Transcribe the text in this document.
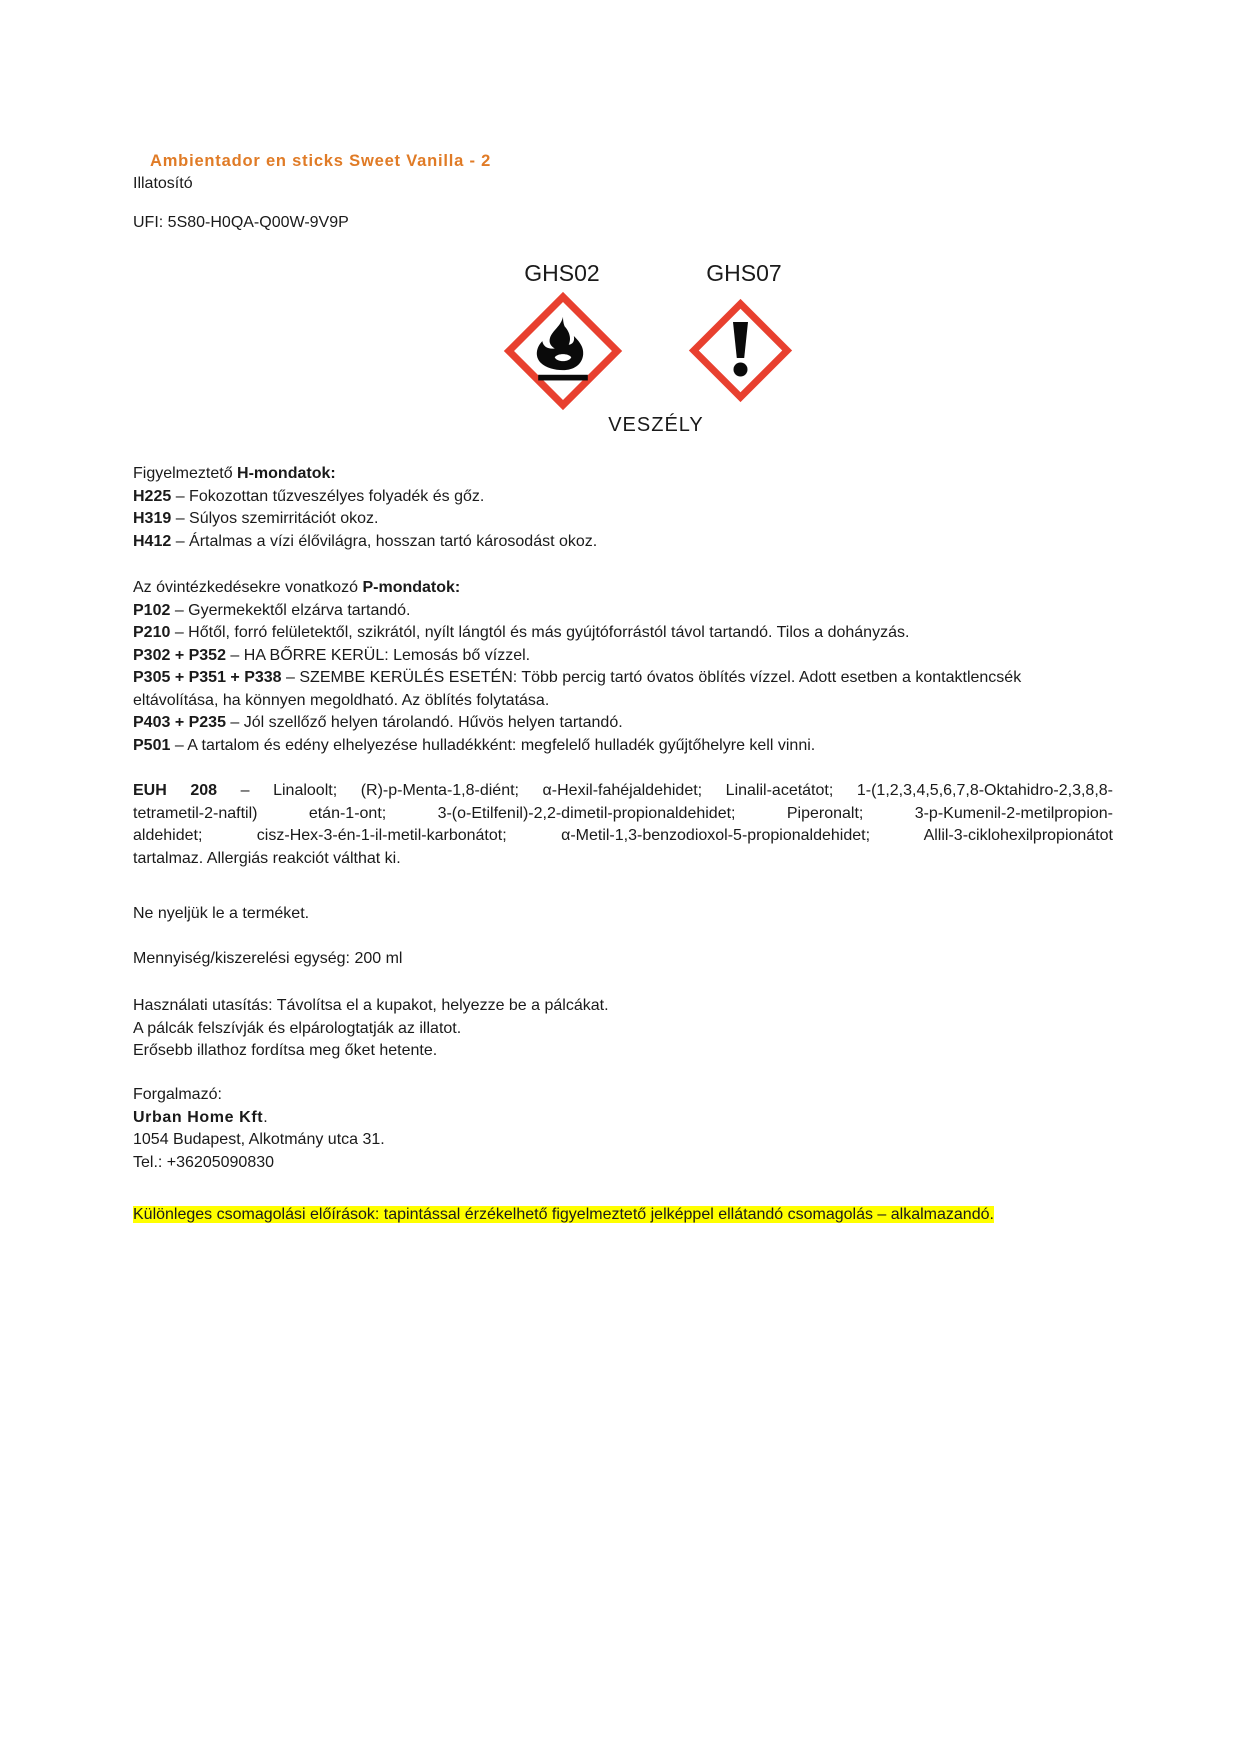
Ambientador en sticks Sweet Vanilla - 2
Illatosító
UFI: 5S80-H0QA-Q00W-9V9P
GHS02	GHS07
VESZÉLY
Figyelmeztető H-mondatok:
H225 – Fokozottan tűzveszélyes folyadék és gőz.
H319 – Súlyos szemirritációt okoz.
H412 – Ártalmas a vízi élővilágra, hosszan tartó károsodást okoz.
Az óvintézkedésekre vonatkozó P-mondatok:
P102 – Gyermekektől elzárva tartandó.
P210 – Hőtől, forró felületektől, szikrától, nyílt lángtól és más gyújtóforrástól távol tartandó. Tilos a dohányzás.
P302 + P352 – HA BŐRRE KERÜL: Lemosás bő vízzel.
P305 + P351 + P338 – SZEMBE KERÜLÉS ESETÉN: Több percig tartó óvatos öblítés vízzel. Adott esetben a kontaktlencsék
eltávolítása, ha könnyen megoldható. Az öblítés folytatása.
P403 + P235 – Jól szellőző helyen tárolandó. Hűvös helyen tartandó.
P501 – A tartalom és edény elhelyezése hulladékként: megfelelő hulladék gyűjtőhelyre kell vinni.
EUH 208 – Linaloolt; (R)-p-Menta-1,8-diént; α-Hexil-fahéjaldehidet; Linalil-acetátot; 1-(1,2,3,4,5,6,7,8-Oktahidro-2,3,8,8-
tetrametil-2-naftil) etán-1-ont; 3-(o-Etilfenil)-2,2-dimetil-propionaldehidet; Piperonalt; 3-p-Kumenil-2-metilpropion-
aldehidet; cisz-Hex-3-én-1-il-metil-karbonátot; α-Metil-1,3-benzodioxol-5-propionaldehidet; Allil-3-ciklohexilpropionátot
tartalmaz. Allergiás reakciót válthat ki.
Ne nyeljük le a terméket.
Mennyiség/kiszerelési egység: 200 ml
Használati utasítás: Távolítsa el a kupakot, helyezze be a pálcákat.
A pálcák felszívják és elpárologtatják az illatot.
Erősebb illathoz fordítsa meg őket hetente.
Forgalmazó:
Urban Home Kft.
1054 Budapest, Alkotmány utca 31.
Tel.: +36205090830
Különleges csomagolási előírások: tapintással érzékelhető figyelmeztető jelképpel ellátandó csomagolás – alkalmazandó.
